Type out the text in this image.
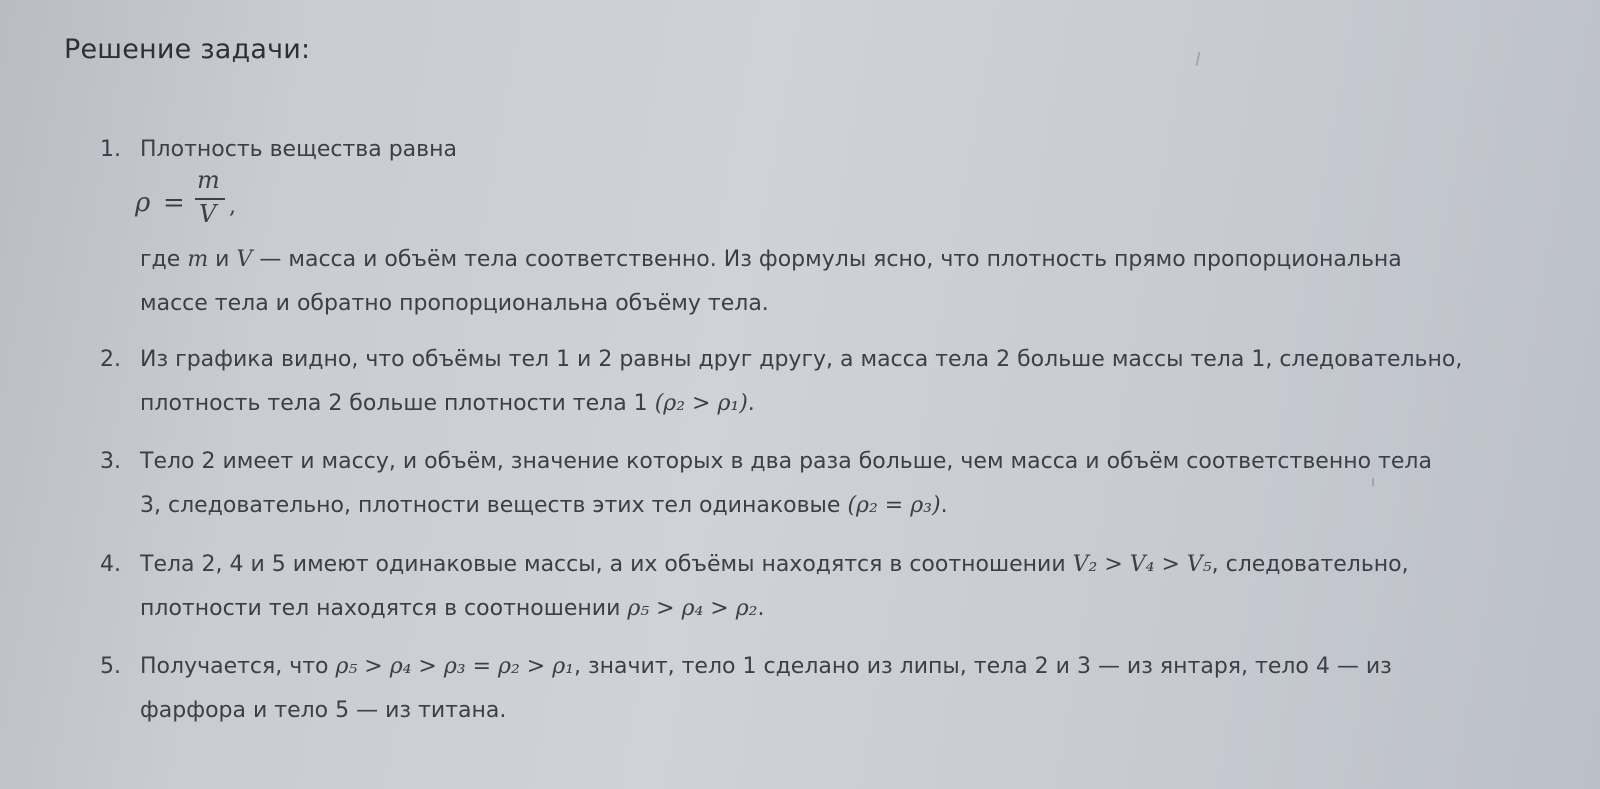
Решение задачи:
1. Плотность вещества равна
ρ =
m
V ,
где m и V — масса и объём тела соответственно. Из формулы ясно, что плотность прямо пропорциональна
массе тела и обратно пропорциональна объёму тела.
2. Из графика видно, что объёмы тел 1 и 2 равны друг другу, а масса тела 2 больше массы тела 1, следовательно,
плотность тела 2 больше плотности тела 1 (ρ₂ > ρ₁).
3. Тело 2 имеет и массу, и объём, значение которых в два раза больше, чем масса и объём соответственно тела
3, следовательно, плотности веществ этих тел одинаковые (ρ₂ = ρ₃).
4. Тела 2, 4 и 5 имеют одинаковые массы, а их объёмы находятся в соотношении V₂ > V₄ > V₅, следовательно,
плотности тел находятся в соотношении ρ₅ > ρ₄ > ρ₂.
5. Получается, что ρ₅ > ρ₄ > ρ₃ = ρ₂ > ρ₁, значит, тело 1 сделано из липы, тела 2 и 3 — из янтаря, тело 4 — из
фарфора и тело 5 — из титана.
